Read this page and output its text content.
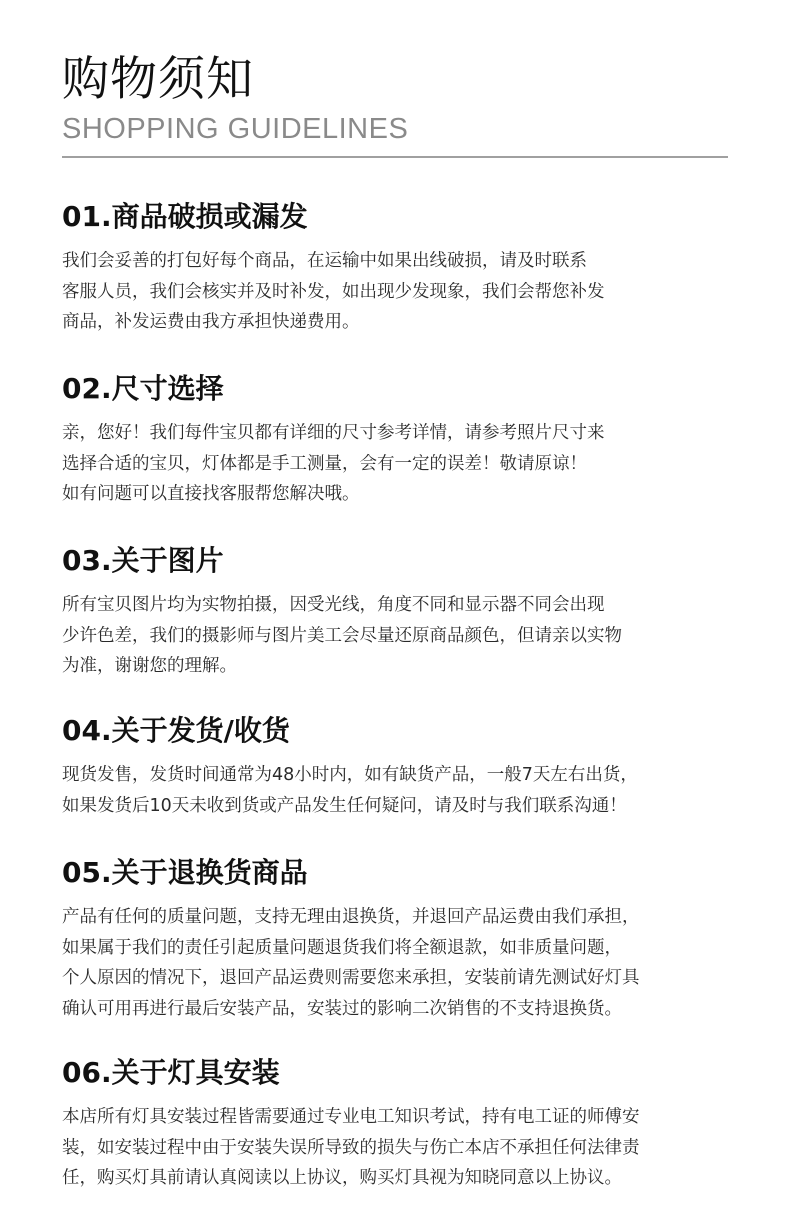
购物须知
SHOPPING GUIDELINES
01.商品破损或漏发
我们会妥善的打包好每个商品，在运输中如果出线破损，请及时联系
客服人员，我们会核实并及时补发，如出现少发现象，我们会帮您补发
商品，补发运费由我方承担快递费用。
02.尺寸选择
亲，您好！我们每件宝贝都有详细的尺寸参考详情，请参考照片尺寸来
选择合适的宝贝，灯体都是手工测量，会有一定的误差！敬请原谅！
如有问题可以直接找客服帮您解决哦。
03.关于图片
所有宝贝图片均为实物拍摄，因受光线，角度不同和显示器不同会出现
少许色差，我们的摄影师与图片美工会尽量还原商品颜色，但请亲以实物
为准，谢谢您的理解。
04.关于发货/收货
现货发售，发货时间通常为48小时内，如有缺货产品，一般7天左右出货，
如果发货后10天未收到货或产品发生任何疑问，请及时与我们联系沟通！
05.关于退换货商品
产品有任何的质量问题，支持无理由退换货，并退回产品运费由我们承担，
如果属于我们的责任引起质量问题退货我们将全额退款，如非质量问题，
个人原因的情况下，退回产品运费则需要您来承担，安装前请先测试好灯具
确认可用再进行最后安装产品，安装过的影响二次销售的不支持退换货。
06.关于灯具安装
本店所有灯具安装过程皆需要通过专业电工知识考试，持有电工证的师傅安
装，如安装过程中由于安装失误所导致的损失与伤亡本店不承担任何法律责
任，购买灯具前请认真阅读以上协议，购买灯具视为知晓同意以上协议。
